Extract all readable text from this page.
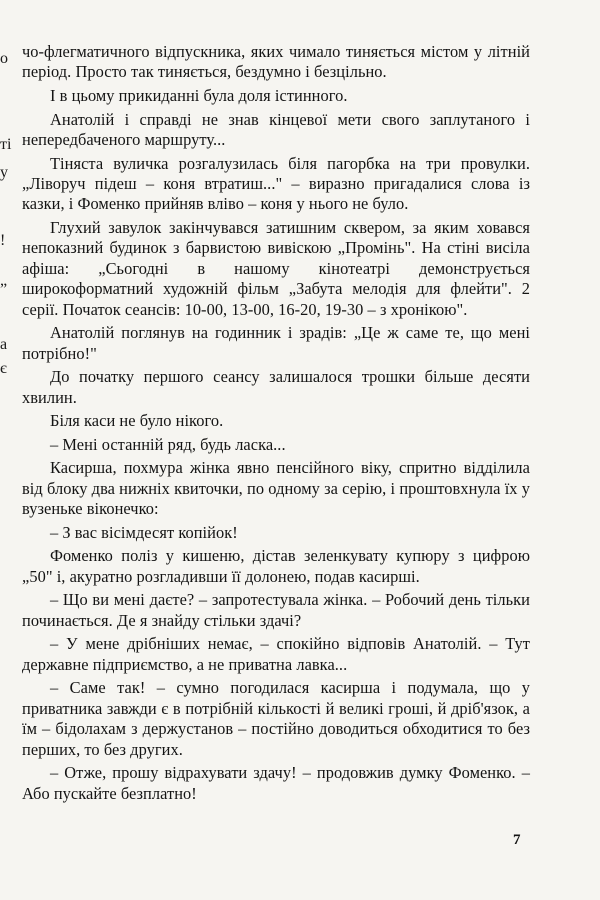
о
ті
у
!
„
а
є

чо-флегматичного відпускника, яких чимало тиняється містом у літній період. Просто так тиняється, бездумно і безцільно.

І в цьому прикиданні була доля істинного.

Анатолій і справді не знав кінцевої мети свого заплутаного і непередбаченого маршруту...

Тіняста вуличка розгалузилась біля пагорбка на три провулки. „Ліворуч підеш – коня втратиш..." – виразно пригадалися слова із казки, і Фоменко прийняв вліво – коня у нього не було.

Глухий завулок закінчувався затишним сквером, за яким ховався непоказний будинок з барвистою вивіскою „Промінь". На стіні висіла афіша: „Сьогодні в нашому кінотеатрі демонструється широкоформатний художній фільм „Забута мелодія для флейти". 2 серії. Початок сеансів: 10-00, 13-00, 16-20, 19-30 – з хронікою".

Анатолій поглянув на годинник і зрадів: „Це ж саме те, що мені потрібно!"

До початку першого сеансу залишалося трошки більше десяти хвилин.

Біля каси не було нікого.

– Мені останній ряд, будь ласка...

Касирша, похмура жінка явно пенсійного віку, спритно відділила від блоку два нижніх квиточки, по одному за серію, і проштовхнула їх у вузеньке віконечко:

– З вас вісімдесят копійок!

Фоменко поліз у кишеню, дістав зеленкувату купюру з цифрою „50" і, акуратно розгладивши її долонею, подав касирші.

– Що ви мені даєте? – запротестувала жінка. – Робочий день тільки починається. Де я знайду стільки здачі?

– У мене дрібніших немає, – спокійно відповів Анатолій. – Тут державне підприємство, а не приватна лавка...

– Саме так! – сумно погодилася касирша і подумала, що у приватника завжди є в потрібній кількості й великі гроші, й дріб'язок, а їм – бідолахам з держустанов – постійно доводиться обходитися то без перших, то без других.

– Отже, прошу відрахувати здачу! – продовжив думку Фоменко. – Або пускайте безплатно!

7
